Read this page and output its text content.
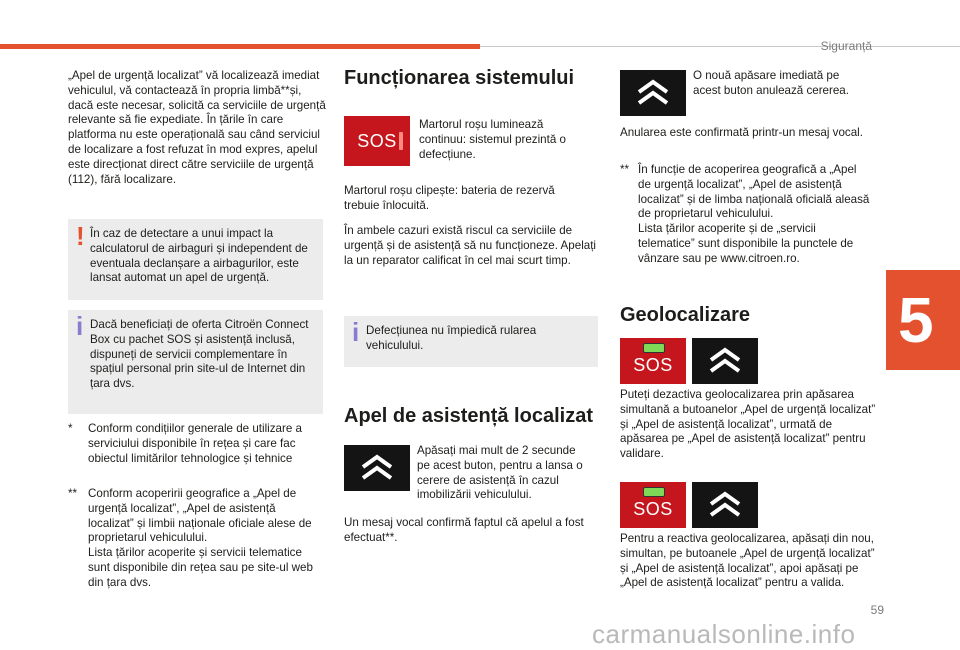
Siguranță
5
59
carmanualsonline.info
„Apel de urgență localizat” vă localizează imediat vehiculul, vă contactează în propria limbă**și, dacă este necesar, solicită ca serviciile de urgență relevante să fie expediate. În țările în care platforma nu este operațională sau când serviciul de localizare a fost refuzat în mod expres, apelul este direcționat direct către serviciile de urgență (112), fără localizare.
! În caz de detectare a unui impact la calculatorul de airbaguri și independent de eventuala declanșare a airbagurilor, este lansat automat un apel de urgență.
i Dacă beneficiați de oferta Citroën Connect Box cu pachet SOS și asistență inclusă, dispuneți de servicii complementare în spațiul personal prin site-ul de Internet din țara dvs.
* Conform condițiilor generale de utilizare a serviciului disponibile în rețea și care fac obiectul limitărilor tehnologice și tehnice
** Conform acoperirii geografice a „Apel de urgență localizat”, „Apel de asistență localizat” și limbii naționale oficiale alese de proprietarul vehiculului.
Lista țărilor acoperite și servicii telematice sunt disponibile din rețea sau pe site-ul web din țara dvs.
Funcționarea sistemului
SOS
Martorul roșu luminează continuu: sistemul prezintă o defecțiune.
Martorul roșu clipește: bateria de rezervă trebuie înlocuită.
În ambele cazuri există riscul ca serviciile de urgență și de asistență să nu funcționeze. Apelați la un reparator calificat în cel mai scurt timp.
i Defecțiunea nu împiedică rularea vehiculului.
Apel de asistență localizat
Apăsați mai mult de 2 secunde pe acest buton, pentru a lansa o cerere de asistență în cazul imobilizării vehiculului.
Un mesaj vocal confirmă faptul că apelul a fost efectuat**.
O nouă apăsare imediată pe acest buton anulează cererea.
Anularea este confirmată printr-un mesaj vocal.
** În funcție de acoperirea geografică a „Apel de urgență localizat”, „Apel de asistență localizat” și de limba națională oficială aleasă de proprietarul vehiculului.
Lista țărilor acoperite și de „servicii telematice” sunt disponibile la punctele de vânzare sau pe www.citroen.ro.
Geolocalizare
SOS
Puteți dezactiva geolocalizarea prin apăsarea simultană a butoanelor „Apel de urgență localizat” și „Apel de asistență localizat”, urmată de apăsarea pe „Apel de asistență localizat” pentru validare.
SOS
Pentru a reactiva geolocalizarea, apăsați din nou, simultan, pe butoanele „Apel de urgență localizat” și „Apel de asistență localizat”, apoi apăsați pe „Apel de asistență localizat” pentru a valida.
